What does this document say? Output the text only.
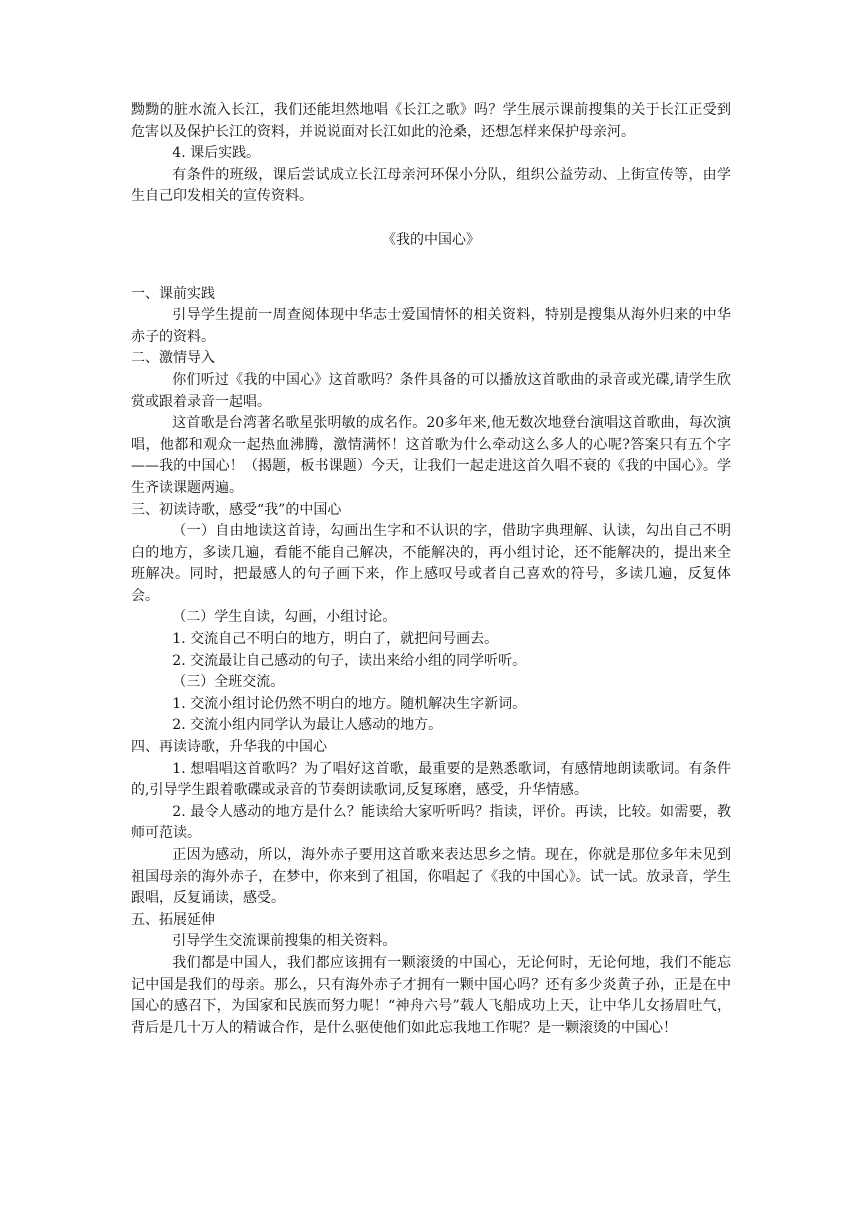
黝黝的脏水流入长江，我们还能坦然地唱《长江之歌》吗？学生展示课前搜集的关于长江正受到危害以及保护长江的资料，并说说面对长江如此的沧桑，还想怎样来保护母亲河。

4. 课后实践。

有条件的班级，课后尝试成立长江母亲河环保小分队，组织公益劳动、上街宣传等，由学生自己印发相关的宣传资料。

《我的中国心》

一、课前实践

引导学生提前一周查阅体现中华志士爱国情怀的相关资料，特别是搜集从海外归来的中华赤子的资料。

二、激情导入

你们听过《我的中国心》这首歌吗？条件具备的可以播放这首歌曲的录音或光碟,请学生欣赏或跟着录音一起唱。

这首歌是台湾著名歌星张明敏的成名作。20多年来,他无数次地登台演唱这首歌曲，每次演唱，他都和观众一起热血沸腾，激情满怀！这首歌为什么牵动这么多人的心呢?答案只有五个字——我的中国心！（揭题，板书课题）今天，让我们一起走进这首久唱不衰的《我的中国心》。学生齐读课题两遍。

三、初读诗歌，感受“我”的中国心

（一）自由地读这首诗，勾画出生字和不认识的字，借助字典理解、认读，勾出自己不明白的地方，多读几遍，看能不能自己解决，不能解决的，再小组讨论，还不能解决的，提出来全班解决。同时，把最感人的句子画下来，作上感叹号或者自己喜欢的符号，多读几遍，反复体会。

（二）学生自读，勾画，小组讨论。

1. 交流自己不明白的地方，明白了，就把问号画去。

2. 交流最让自己感动的句子，读出来给小组的同学听听。

（三）全班交流。

1. 交流小组讨论仍然不明白的地方。随机解决生字新词。

2. 交流小组内同学认为最让人感动的地方。

四、再读诗歌，升华我的中国心

1. 想唱唱这首歌吗？为了唱好这首歌，最重要的是熟悉歌词，有感情地朗读歌词。有条件的,引导学生跟着歌碟或录音的节奏朗读歌词,反复琢磨，感受，升华情感。

2. 最令人感动的地方是什么？能读给大家听听吗？指读，评价。再读，比较。如需要，教师可范读。

正因为感动，所以，海外赤子要用这首歌来表达思乡之情。现在，你就是那位多年未见到祖国母亲的海外赤子，在梦中，你来到了祖国，你唱起了《我的中国心》。试一试。放录音，学生跟唱，反复诵读，感受。

五、拓展延伸

引导学生交流课前搜集的相关资料。

我们都是中国人，我们都应该拥有一颗滚烫的中国心，无论何时，无论何地，我们不能忘记中国是我们的母亲。那么，只有海外赤子才拥有一颗中国心吗？还有多少炎黄子孙，正是在中国心的感召下，为国家和民族而努力呢！“神舟六号”载人飞船成功上天，让中华儿女扬眉吐气，背后是几十万人的精诚合作，是什么驱使他们如此忘我地工作呢？是一颗滚烫的中国心！
